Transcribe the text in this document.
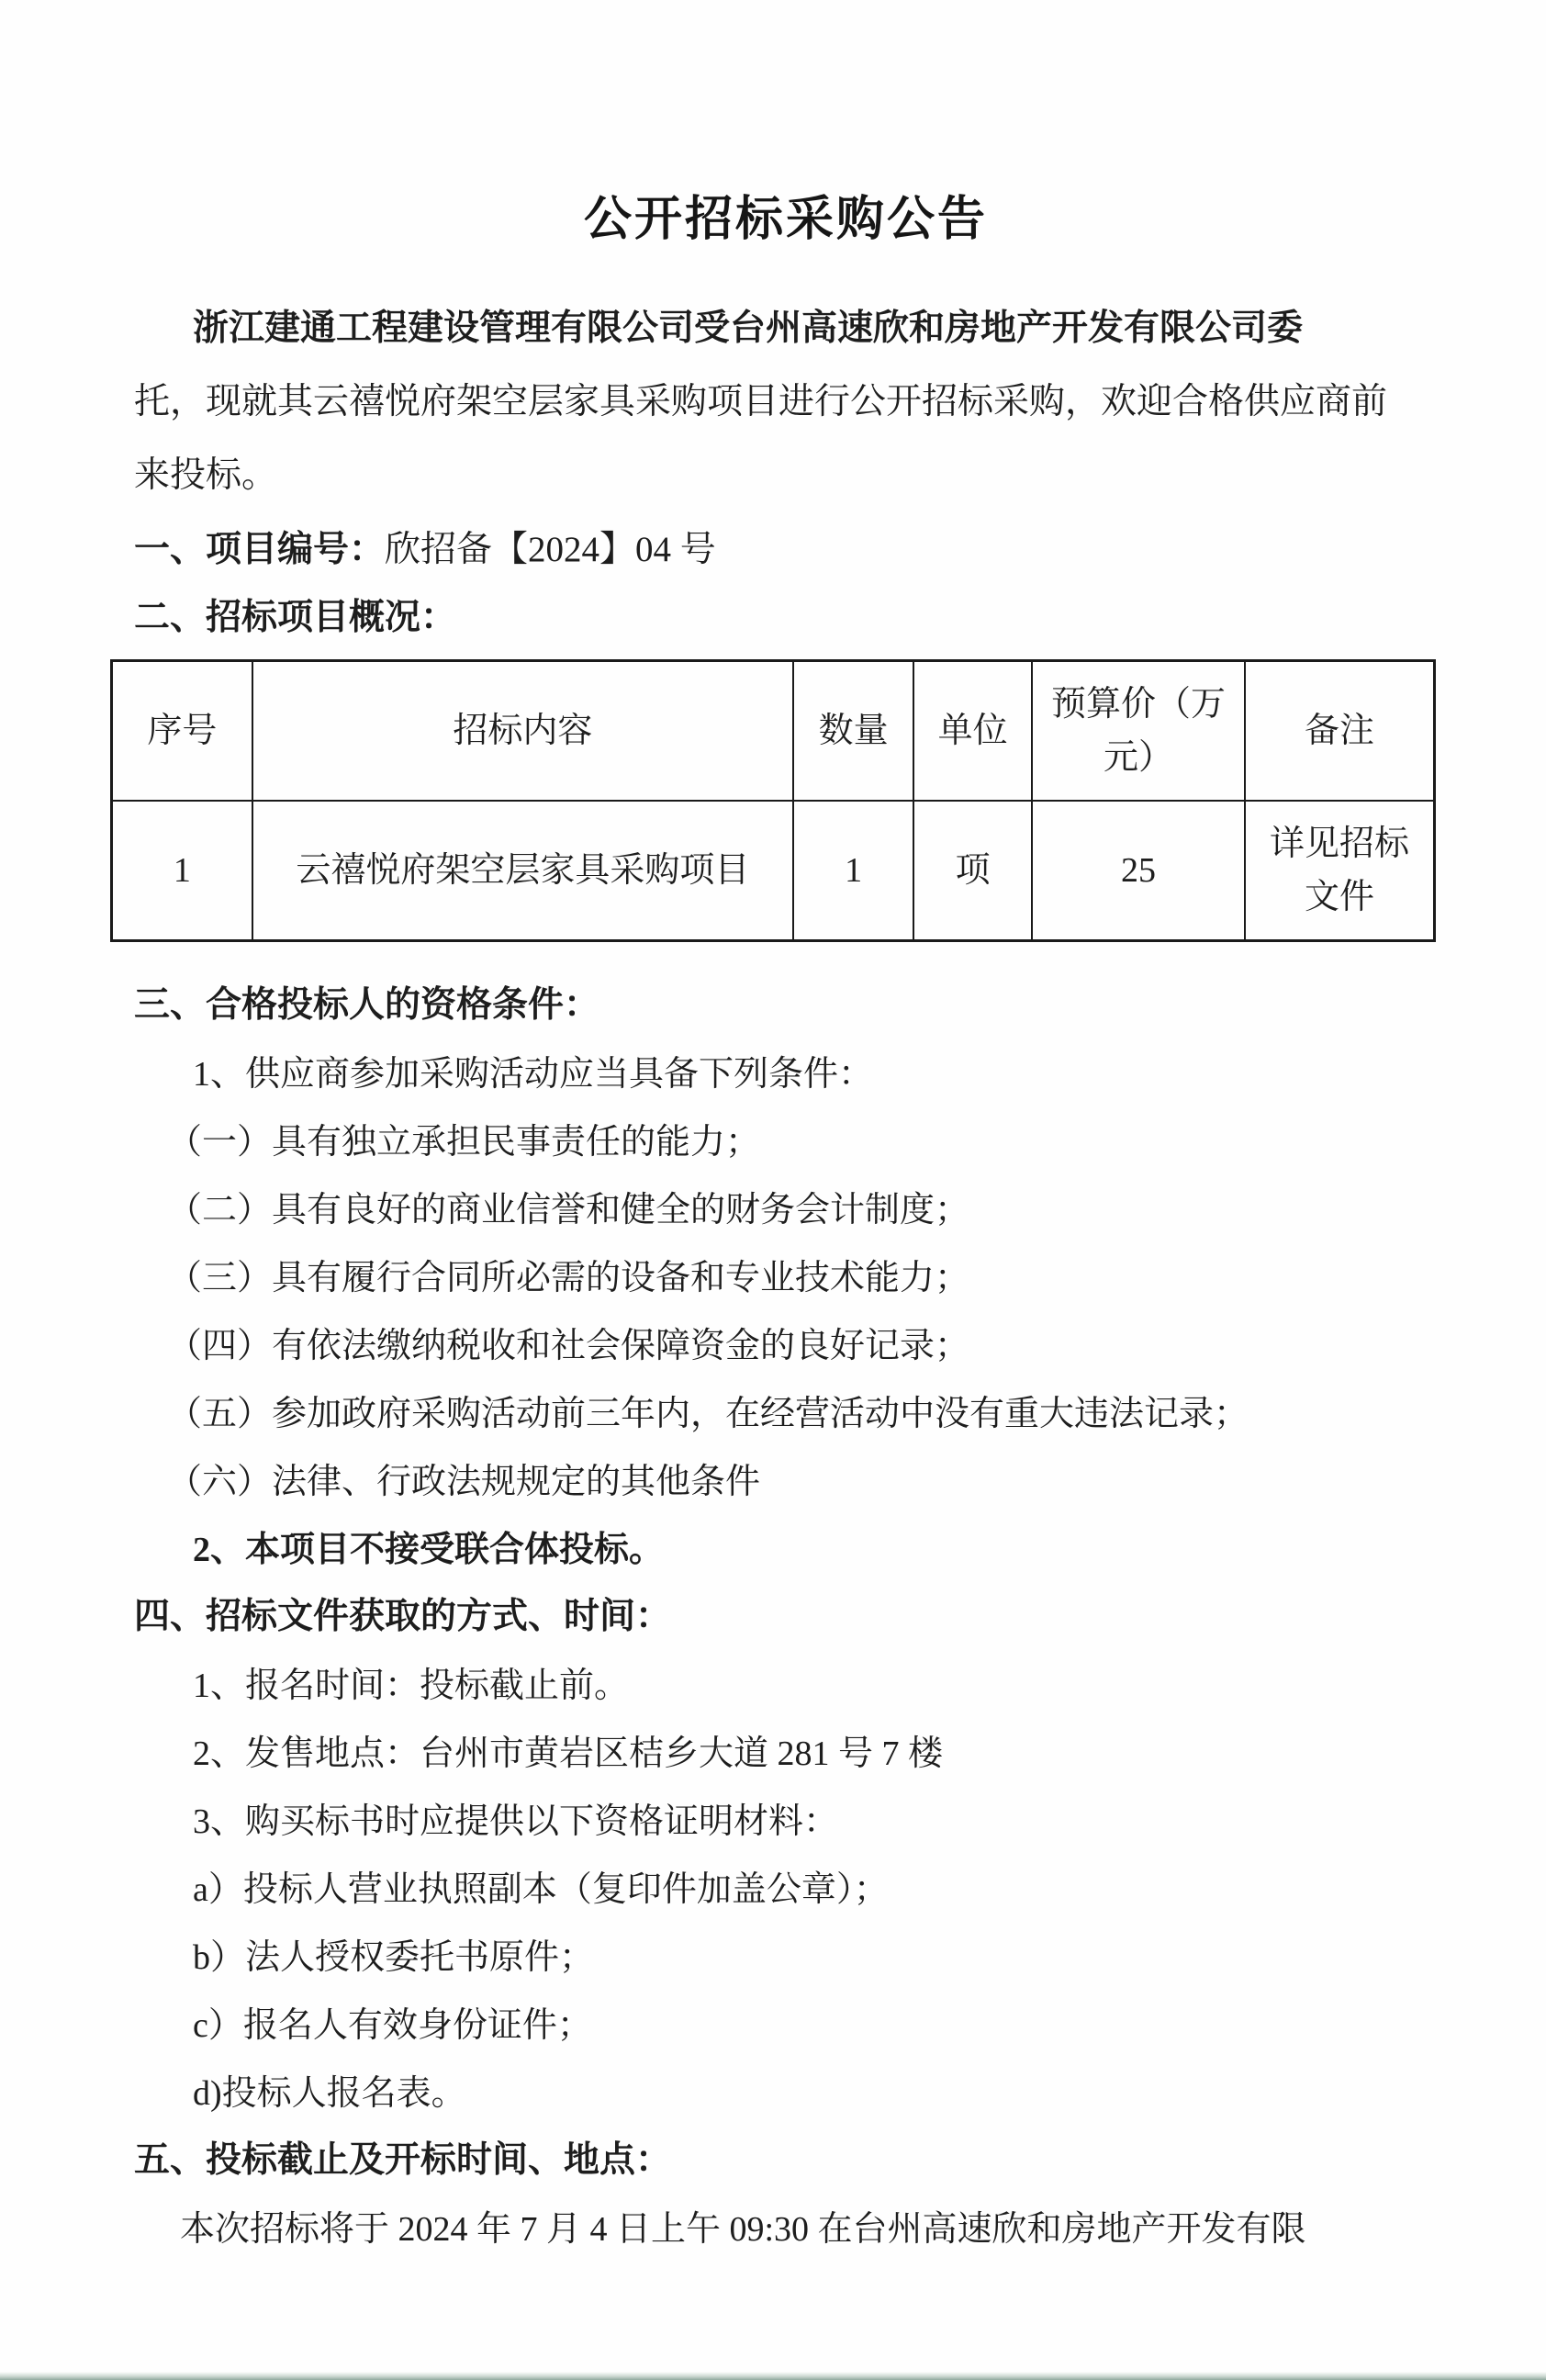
公开招标采购公告
浙江建通工程建设管理有限公司受台州高速欣和房地产开发有限公司委
托，现就其云禧悦府架空层家具采购项目进行公开招标采购，欢迎合格供应商前
来投标。
一、项目编号： 欣招备【2024】04 号
二、招标项目概况：
序号	招标内容	数量	单位	预算价（万元）	备注
1	云禧悦府架空层家具采购项目	1	项	25	详见招标文件
三、合格投标人的资格条件：
1、供应商参加采购活动应当具备下列条件：
（一）具有独立承担民事责任的能力；
（二）具有良好的商业信誉和健全的财务会计制度；
（三）具有履行合同所必需的设备和专业技术能力；
（四）有依法缴纳税收和社会保障资金的良好记录；
（五）参加政府采购活动前三年内，在经营活动中没有重大违法记录；
（六）法律、行政法规规定的其他条件
2、本项目不接受联合体投标。
四、招标文件获取的方式、时间：
1、报名时间：投标截止前。
2、发售地点：台州市黄岩区桔乡大道 281 号 7 楼
3、购买标书时应提供以下资格证明材料：
a）投标人营业执照副本（复印件加盖公章）；
b）法人授权委托书原件；
c）报名人有效身份证件；
d)投标人报名表。
五、投标截止及开标时间、地点：
本次招标将于 2024 年 7 月 4 日上午 09:30 在台州高速欣和房地产开发有限
